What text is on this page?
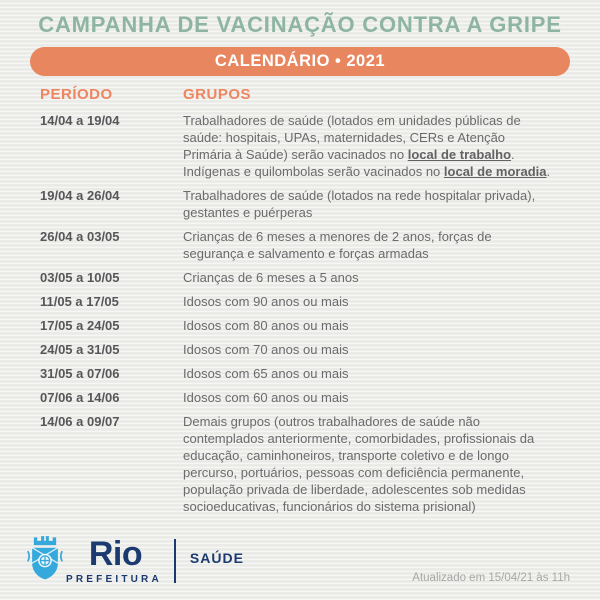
CAMPANHA DE VACINAÇÃO CONTRA A GRIPE
CALENDÁRIO • 2021
PERÍODO	GRUPOS
14/04 a 19/04	Trabalhadores de saúde (lotados em unidades públicas de saúde: hospitais, UPAs, maternidades, CERs e Atenção Primária à Saúde) serão vacinados no local de trabalho. Indígenas e quilombolas serão vacinados no local de moradia.
19/04 a 26/04	Trabalhadores de saúde (lotados na rede hospitalar privada), gestantes e puérperas
26/04 a 03/05	Crianças de 6 meses a menores de 2 anos, forças de segurança e salvamento e forças armadas
03/05 a 10/05	Crianças de 6 meses a 5 anos
11/05 a 17/05	Idosos com 90 anos ou mais
17/05 a 24/05	Idosos com 80 anos ou mais
24/05 a 31/05	Idosos com 70 anos ou mais
31/05 a 07/06	Idosos com 65 anos ou mais
07/06 a 14/06	Idosos com 60 anos ou mais
14/06 a 09/07	Demais grupos (outros trabalhadores de saúde não contemplados anteriormente, comorbidades, profissionais da educação, caminhoneiros, transporte coletivo e de longo percurso, portuários, pessoas com deficiência permanente, população privada de liberdade, adolescentes sob medidas socioeducativas, funcionários do sistema prisional)
Rio
PREFEITURA
SAÚDE
Atualizado em 15/04/21 às 11h
